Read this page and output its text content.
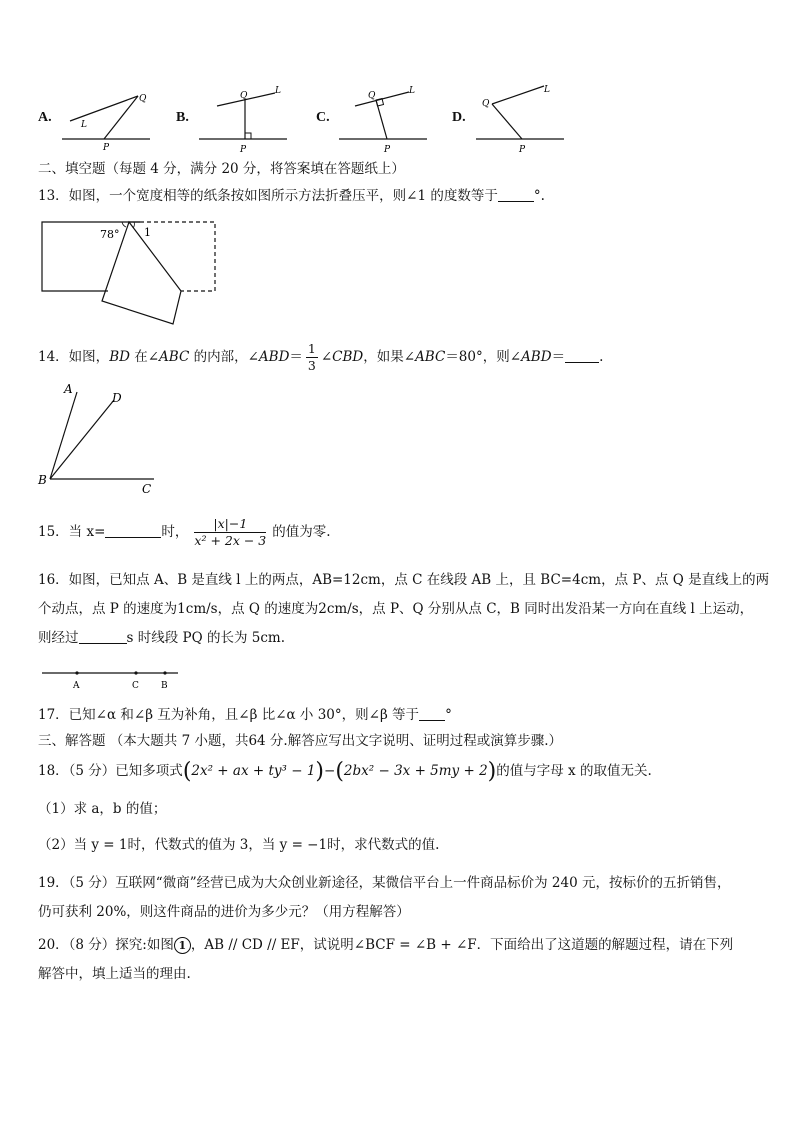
A.
Q
L
P
B.
Q	L
P
C.
Q	L
P
D.
Q
L
P
二、填空题（每题 4 分，满分 20 分，将答案填在答题纸上）
13．如图，一个宽度相等的纸条按如图所示方法折叠压平，则∠1 的度数等于	°.
78° 1
14．如图，BD 在∠ABC 的内部，∠ABD＝ $\frac{1}{3}$ ∠CBD，如果∠ABC＝80°，则∠ABD＝	.
A
D
B
C
15．当 x=	时， $\frac{|x|-1}{\text{x² + 2x − 3}}$ 的值为零.
16．如图，已知点 A、B 是直线 l 上的两点，AB=12cm，点 C 在线段 AB 上，且 BC=4cm，点 P、点 Q 是直线上的两
个动点，点 P 的速度为1cm/s，点 Q 的速度为2cm/s，点 P、Q 分别从点 C，B 同时出发沿某一方向在直线 l 上运动，
则经过	s 时线段 PQ 的长为 5cm.
A	C B
17．已知∠α 和∠β 互为补角，且∠β 比∠α 小 30°，则∠β 等于 °
三、解答题 （本大题共 7 小题，共64 分.解答应写出文字说明、证明过程或演算步骤.）
18．（5 分）已知多项式(2x² + ax + ty³ − 1)−(2bx² − 3x + 5my + 2)的值与字母 x 的取值无关.
（1）求 a，b 的值；
（2）当 y = 1时，代数式的值为 3，当 y = −1时，求代数式的值.
19．（5 分）互联网“微商”经营已成为大众创业新途径，某微信平台上一件商品标价为 240 元，按标价的五折销售，
仍可获利 20%，则这件商品的进价为多少元？（用方程解答）
20．（8 分）探究:如图 1 ，AB // CD // EF，试说明∠BCF = ∠B + ∠F．下面给出了这道题的解题过程，请在下列
解答中，填上适当的理由.
